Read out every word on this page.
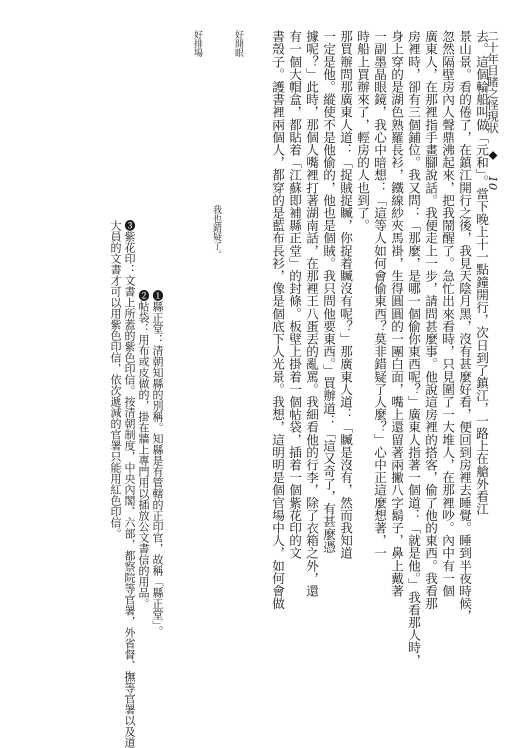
二十年目睹之怪現狀 ◆ 10
去。這個輪船叫做「元和」。當下晚上十一點鐘開行，次日到了鎮江，一路上在艙外看江
景山景。看的倦了，在鎮江開行之後，我見天陰月黑，沒有甚麼好看，便回到房裡去睡覺。睡到半夜時候，
忽然隔壁房內人聲鼎沸起來，把我鬧醒了。急忙出來看時，只見圍了一大堆人，在那裡吵。內中有一個
廣東人，在那裡指手畫腳說話。我便走上一步，請問甚麼事。他說這房裡的搭客，偷了他的東西。我看那
房裡時，卻有三個鋪位。我又問：「那麼，是哪一個偷你東西呢？」廣東人指著一個道：「就是他。」我看那人時，
身上穿的是湖色熟羅長衫，鐵線紗夾馬褂，生得圓圓的一團白面，嘴上還留著兩撇八字鬍子，鼻上戴著
一副墨晶眼鏡，我心中暗想：「這等人如何會偷東西？莫非錯疑了人麼？」心中正這麼想著，一
時船上買辦來了，輕房的人也到了。
那買辦問那廣東人道：「捉賊捉贓，你捉着贓沒有呢？」那廣東人道：「贓是沒有，然而我知道
一定是他。縱使不是他偷的，他也是個賊。我只問他要東西。」買辦道：「這又奇了，有甚麼憑
據呢？」此時，那個人嘴裡打著湖南話，在那裡王八蛋丟的亂罵。我細看他的行李，除了衣箱之外，還
有一個大帽盒，都貼着「江蘇即補縣正堂」的封條。板壁上掛着一個帖袋，插着一個紫花印的文
書殼子。護書裡兩個人，都穿的是藍布長衫，像是個底下人光景。我想，這明明是個官場中人，如何會做
好開眼
我也錯疑了。
好排場
❶縣正堂：清朝知縣的別稱。知縣是有管轄的正印官，故稱「縣正堂」。
❷帖袋：用布或皮做的，掛在牆上專門用以插放公文書信的用品。
❸紫花印：文書上所蓋的紫色印信。按清朝制度，中央內閣、六部，都察院等官署，外省督、撫等官署以及道
大員的文書才可以用紫色印信，依次遞減的官署只能用紅色印信。
